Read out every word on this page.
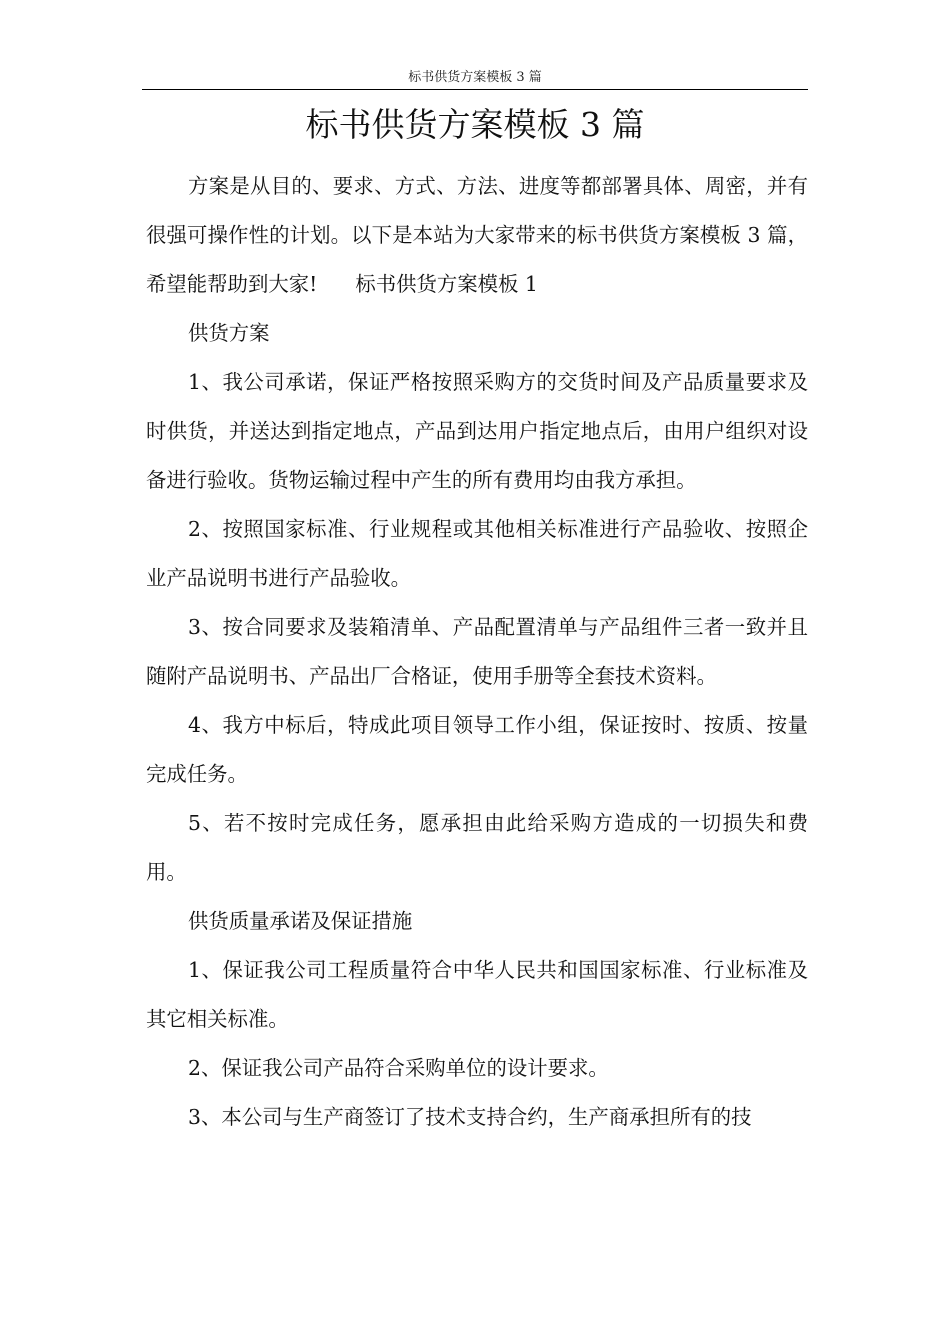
标书供货方案模板 3 篇
标书供货方案模板 3 篇

方案是从目的、要求、方式、方法、进度等都部署具体、周密，并有很强可操作性的计划。以下是本站为大家带来的标书供货方案模板 3 篇，希望能帮助到大家! 标书供货方案模板 1

供货方案

1、我公司承诺，保证严格按照采购方的交货时间及产品质量要求及时供货，并送达到指定地点，产品到达用户指定地点后，由用户组织对设备进行验收。货物运输过程中产生的所有费用均由我方承担。

2、按照国家标准、行业规程或其他相关标准进行产品验收、按照企业产品说明书进行产品验收。

3、按合同要求及装箱清单、产品配置清单与产品组件三者一致并且随附产品说明书、产品出厂合格证，使用手册等全套技术资料。

4、我方中标后，特成此项目领导工作小组，保证按时、按质、按量完成任务。

5、若不按时完成任务，愿承担由此给采购方造成的一切损失和费用。

供货质量承诺及保证措施

1、保证我公司工程质量符合中华人民共和国国家标准、行业标准及其它相关标准。

2、保证我公司产品符合采购单位的设计要求。

3、本公司与生产商签订了技术支持合约，生产商承担所有的技
